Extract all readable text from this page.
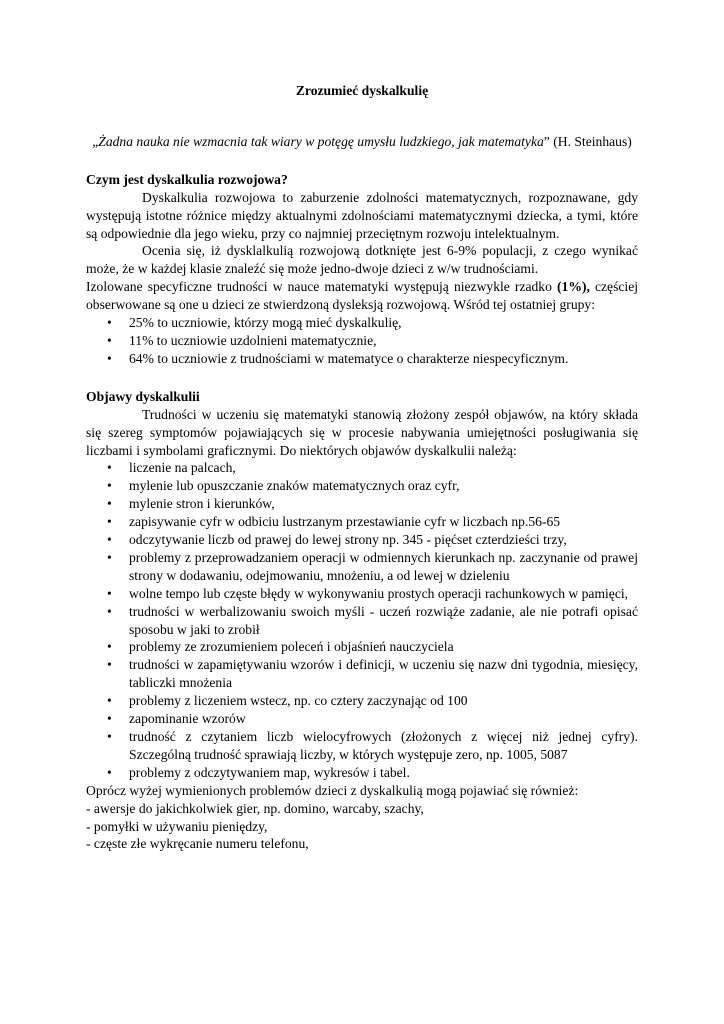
Zrozumieć dyskalkulię

„Żadna nauka nie wzmacnia tak wiary w potęgę umysłu ludzkiego, jak matematyka” (H. Steinhaus)

Czym jest dyskalkulia rozwojowa?

Dyskalkulia rozwojowa to zaburzenie zdolności matematycznych, rozpoznawane, gdy występują istotne różnice między aktualnymi zdolnościami matematycznymi dziecka, a tymi, które są odpowiednie dla jego wieku, przy co najmniej przeciętnym rozwoju intelektualnym.

Ocenia się, iż dysklalkulią rozwojową dotknięte jest 6-9% populacji, z czego wynikać może, że w każdej klasie znaleźć się może jedno-dwoje dzieci z w/w trudnościami.

Izolowane specyficzne trudności w nauce matematyki występują niezwykle rzadko (1%), częściej obserwowane są one u dzieci ze stwierdzoną dysleksją rozwojową. Wśród tej ostatniej grupy:

• 25% to uczniowie, którzy mogą mieć dyskalkulię,
• 11% to uczniowie uzdolnieni matematycznie,
• 64% to uczniowie z trudnościami w matematyce o charakterze niespecyficznym.
Objawy dyskalkulii

Trudności w uczeniu się matematyki stanowią złożony zespół objawów, na który składa się szereg symptomów pojawiających się w procesie nabywania umiejętności posługiwania się liczbami i symbolami graficznymi. Do niektórych objawów dyskalkulii należą:

• liczenie na palcach,
• mylenie lub opuszczanie znaków matematycznych oraz cyfr,
• mylenie stron i kierunków,
• zapisywanie cyfr w odbiciu lustrzanym przestawianie cyfr w liczbach np.56-65
• odczytywanie liczb od prawej do lewej strony np. 345 - pięćset czterdzieści trzy,
• problemy z przeprowadzaniem operacji w odmiennych kierunkach np. zaczynanie od prawej strony w dodawaniu, odejmowaniu, mnożeniu, a od lewej w dzieleniu
• wolne tempo lub częste błędy w wykonywaniu prostych operacji rachunkowych w pamięci,
• trudności w werbalizowaniu swoich myśli - uczeń rozwiąże zadanie, ale nie potrafi opisać sposobu w jaki to zrobił
• problemy ze zrozumieniem poleceń i objaśnień nauczyciela
• trudności w zapamiętywaniu wzorów i definicji, w uczeniu się nazw dni tygodnia, miesięcy, tabliczki mnożenia
• problemy z liczeniem wstecz, np. co cztery zaczynając od 100
• zapominanie wzorów
• trudność z czytaniem liczb wielocyfrowych (złożonych z więcej niż jednej cyfry). Szczególną trudność sprawiają liczby, w których występuje zero, np. 1005, 5087
• problemy z odczytywaniem map, wykresów i tabel.

Oprócz wyżej wymienionych problemów dzieci z dyskalkulią mogą pojawiać się również:

- awersje do jakichkolwiek gier, np. domino, warcaby, szachy,

- pomyłki w używaniu pieniędzy,

- częste złe wykręcanie numeru telefonu,
